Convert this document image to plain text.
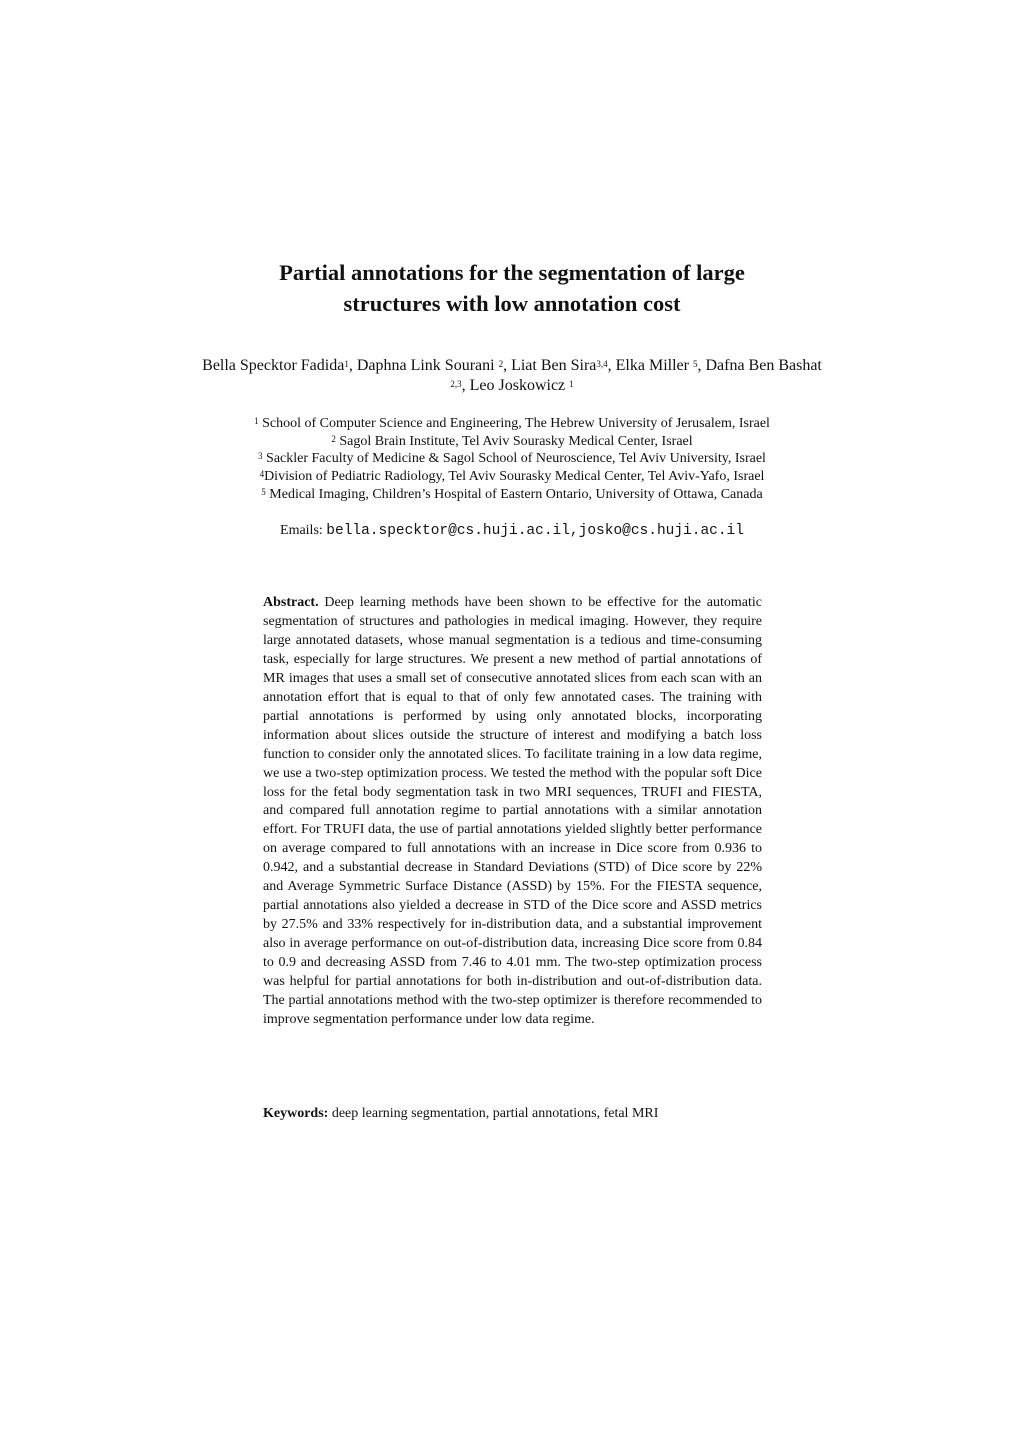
Partial annotations for the segmentation of large
structures with low annotation cost
Bella Specktor Fadida$^1$, Daphna Link Sourani $^2$, Liat Ben Sira$^{3,4}$, Elka Miller $^5$, Dafna Ben Bashat $^{2,3}$, Leo Joskowicz $^1$
$^1$ School of Computer Science and Engineering, The Hebrew University of Jerusalem, Israel
$^2$ Sagol Brain Institute, Tel Aviv Sourasky Medical Center, Israel
$^3$ Sackler Faculty of Medicine & Sagol School of Neuroscience, Tel Aviv University, Israel
$^4$Division of Pediatric Radiology, Tel Aviv Sourasky Medical Center, Tel Aviv-Yafo, Israel
$^5$ Medical Imaging, Children’s Hospital of Eastern Ontario, University of Ottawa, Canada
Emails: bella.specktor@cs.huji.ac.il,josko@cs.huji.ac.il
Abstract. Deep learning methods have been shown to be effective for the automatic segmentation of structures and pathologies in medical imaging. However, they require large annotated datasets, whose manual segmentation is a tedious and time-consuming task, especially for large structures. We present a new method of partial annotations of MR images that uses a small set of consecutive annotated slices from each scan with an annotation effort that is equal to that of only few annotated cases. The training with partial annotations is performed by using only annotated blocks, incorporating information about slices outside the structure of interest and modifying a batch loss function to consider only the annotated slices. To facilitate training in a low data regime, we use a two-step optimization process. We tested the method with the popular soft Dice loss for the fetal body segmentation task in two MRI sequences, TRUFI and FIESTA, and compared full annotation regime to partial annotations with a similar annotation effort. For TRUFI data, the use of partial annotations yielded slightly better performance on average compared to full annotations with an increase in Dice score from 0.936 to 0.942, and a substantial decrease in Standard Deviations (STD) of Dice score by 22% and Average Symmetric Surface Distance (ASSD) by 15%. For the FIESTA sequence, partial annotations also yielded a decrease in STD of the Dice score and ASSD metrics by 27.5% and 33% respectively for in-distribution data, and a substantial improvement also in average performance on out-of-distribution data, increasing Dice score from 0.84 to 0.9 and decreasing ASSD from 7.46 to 4.01 mm. The two-step optimization process was helpful for partial annotations for both in-distribution and out-of-distribution data. The partial annotations method with the two-step optimizer is therefore recommended to improve segmentation performance under low data regime.
Keywords: deep learning segmentation, partial annotations, fetal MRI
